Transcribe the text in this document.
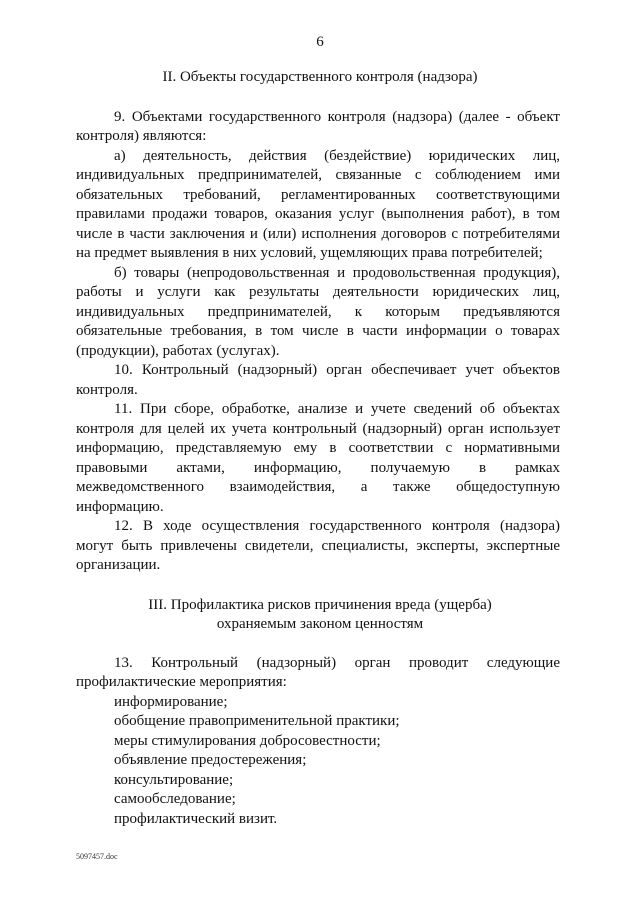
6
II. Объекты государственного контроля (надзора)
9. Объектами государственного контроля (надзора) (далее - объект
контроля) являются:
а) деятельность, действия (бездействие) юридических лиц,
индивидуальных предпринимателей, связанные с соблюдением ими
обязательных требований, регламентированных соответствующими
правилами продажи товаров, оказания услуг (выполнения работ), в том
числе в части заключения и (или) исполнения договоров с потребителями
на предмет выявления в них условий, ущемляющих права потребителей;
б) товары (непродовольственная и продовольственная продукция),
работы и услуги как результаты деятельности юридических лиц,
индивидуальных предпринимателей, к которым предъявляются
обязательные требования, в том числе в части информации о товарах
(продукции), работах (услугах).
10. Контрольный (надзорный) орган обеспечивает учет объектов
контроля.
11. При сборе, обработке, анализе и учете сведений об объектах
контроля для целей их учета контрольный (надзорный) орган использует
информацию, представляемую ему в соответствии с нормативными
правовыми актами, информацию, получаемую в рамках
межведомственного взаимодействия, а также общедоступную
информацию.
12. В ходе осуществления государственного контроля (надзора)
могут быть привлечены свидетели, специалисты, эксперты, экспертные
организации.
III. Профилактика рисков причинения вреда (ущерба)
охраняемым законом ценностям
13. Контрольный (надзорный) орган проводит следующие
профилактические мероприятия:
информирование;
обобщение правоприменительной практики;
меры стимулирования добросовестности;
объявление предостережения;
консультирование;
самообследование;
профилактический визит.
5097457.doc
